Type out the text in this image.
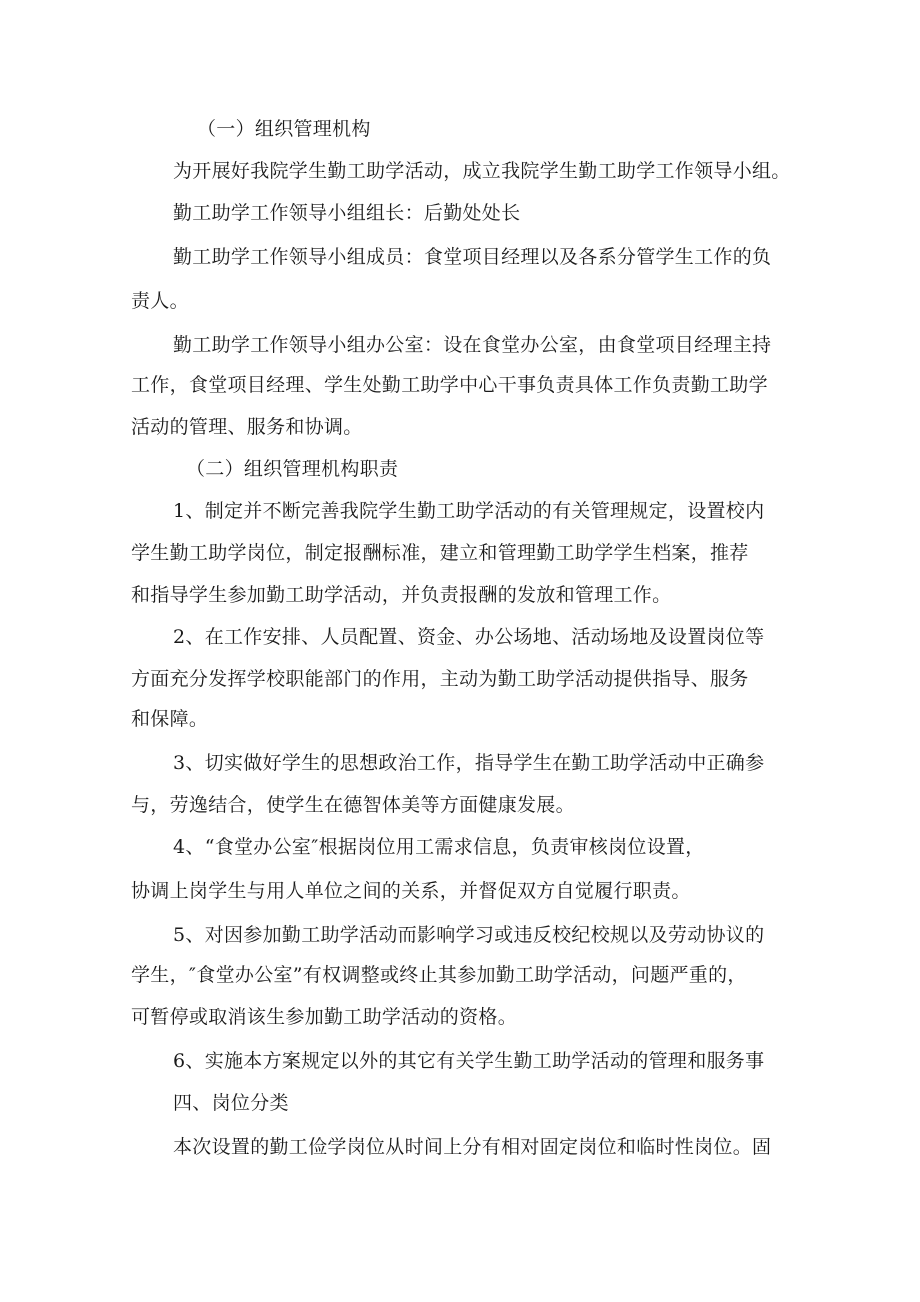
（一）组织管理机构
为开展好我院学生勤工助学活动，成立我院学生勤工助学工作领导小组。
勤工助学工作领导小组组长：后勤处处长
勤工助学工作领导小组成员：食堂项目经理以及各系分管学生工作的负
责人。
勤工助学工作领导小组办公室：设在食堂办公室，由食堂项目经理主持
工作，食堂项目经理、学生处勤工助学中心干事负责具体工作负责勤工助学
活动的管理、服务和协调。
（二）组织管理机构职责
1、制定并不断完善我院学生勤工助学活动的有关管理规定，设置校内
学生勤工助学岗位，制定报酬标准，建立和管理勤工助学学生档案，推荐
和指导学生参加勤工助学活动，并负责报酬的发放和管理工作。
2、在工作安排、人员配置、资金、办公场地、活动场地及设置岗位等
方面充分发挥学校职能部门的作用，主动为勤工助学活动提供指导、服务
和保障。
3、切实做好学生的思想政治工作，指导学生在勤工助学活动中正确参
与，劳逸结合，使学生在德智体美等方面健康发展。
4、“食堂办公室″根据岗位用工需求信息，负责审核岗位设置，
协调上岗学生与用人单位之间的关系，并督促双方自觉履行职责。
5、对因参加勤工助学活动而影响学习或违反校纪校规以及劳动协议的
学生，″食堂办公室”有权调整或终止其参加勤工助学活动，问题严重的，
可暂停或取消该生参加勤工助学活动的资格。
6、实施本方案规定以外的其它有关学生勤工助学活动的管理和服务事
四、岗位分类
本次设置的勤工俭学岗位从时间上分有相对固定岗位和临时性岗位。固
